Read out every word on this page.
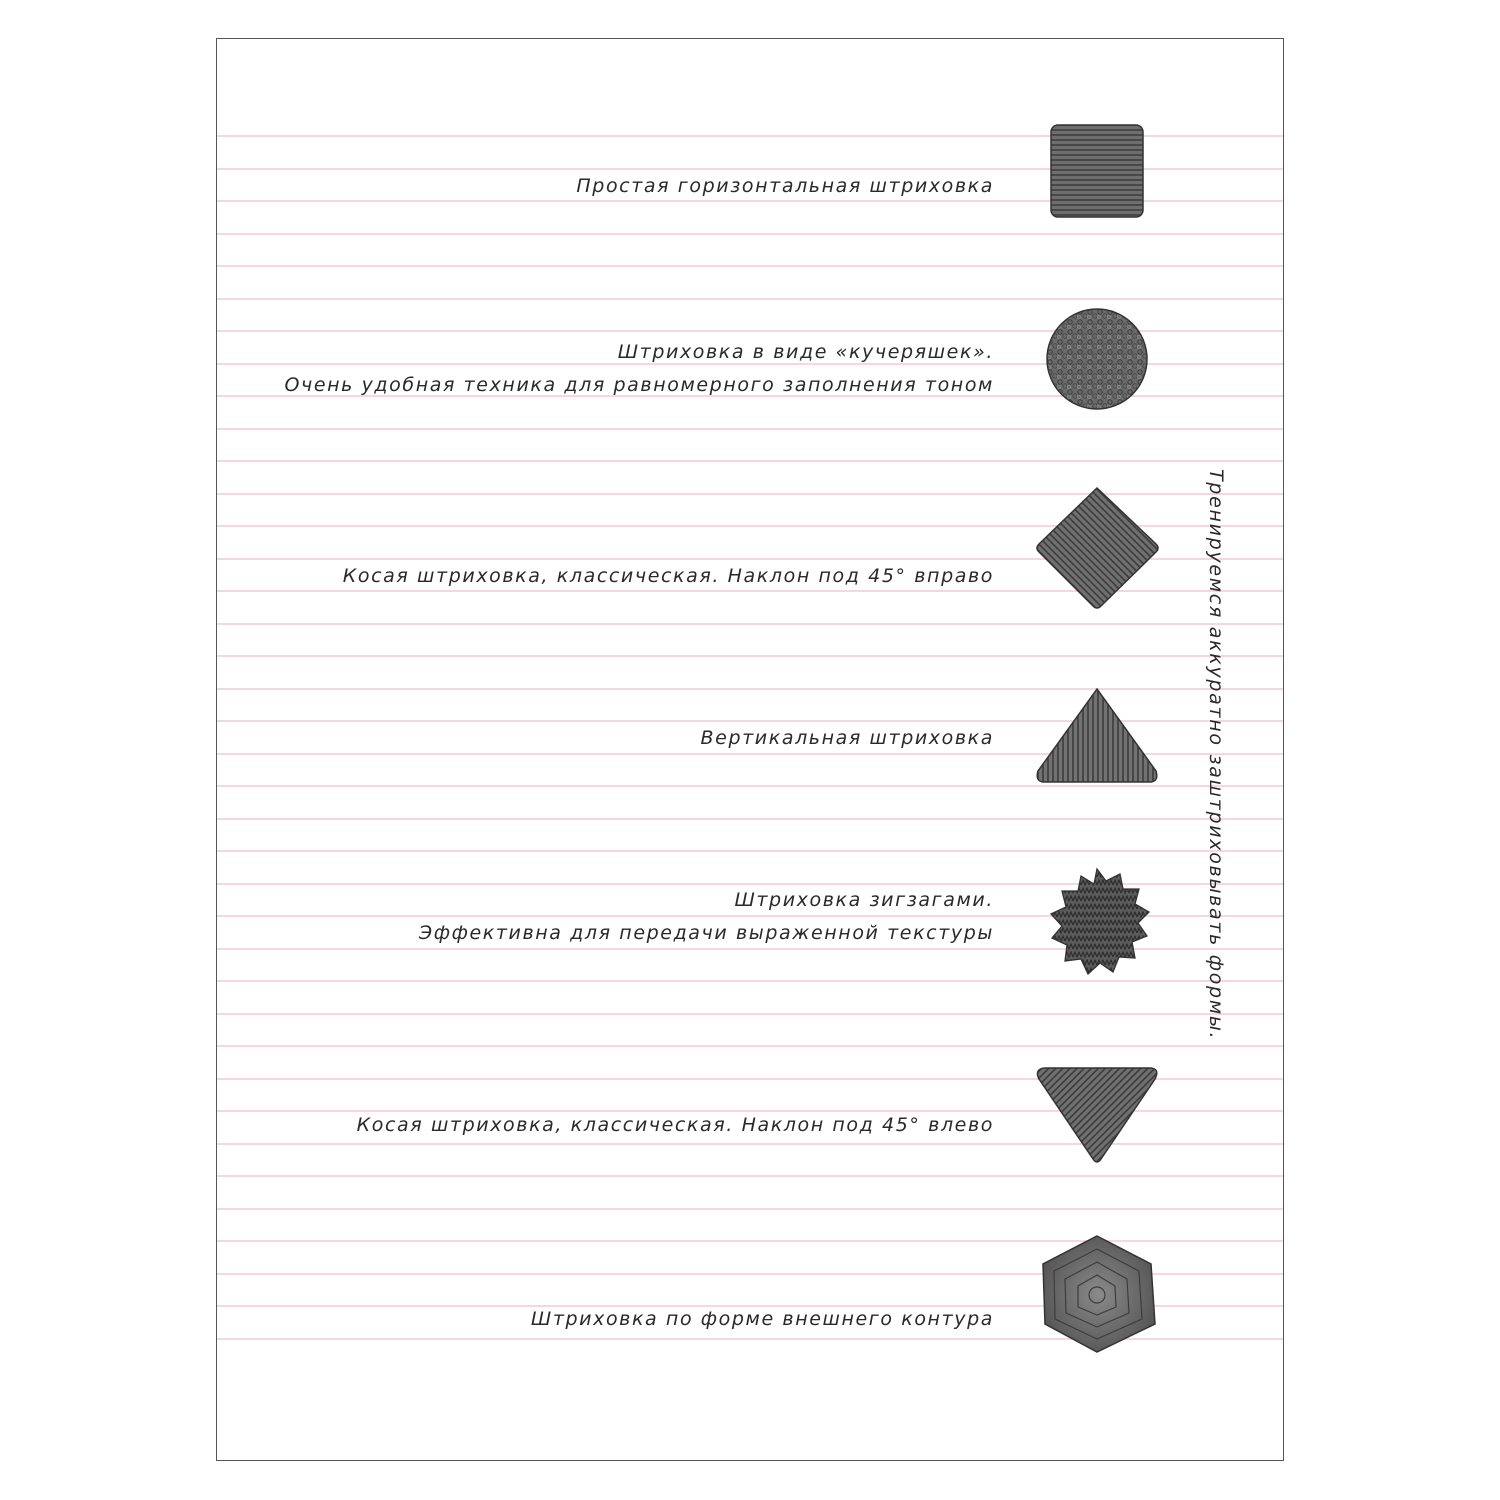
Простая горизонтальная штриховка
Штриховка в виде «кучеряшек».
Очень удобная техника для равномерного заполнения тоном
Косая штриховка, классическая. Наклон под 45° вправо
Вертикальная штриховка
Штриховка зигзагами.
Эффективна для передачи выраженной текстуры
Косая штриховка, классическая. Наклон под 45° влево
Штриховка по форме внешнего контура
Тренируемся аккуратно заштриховывать формы.
